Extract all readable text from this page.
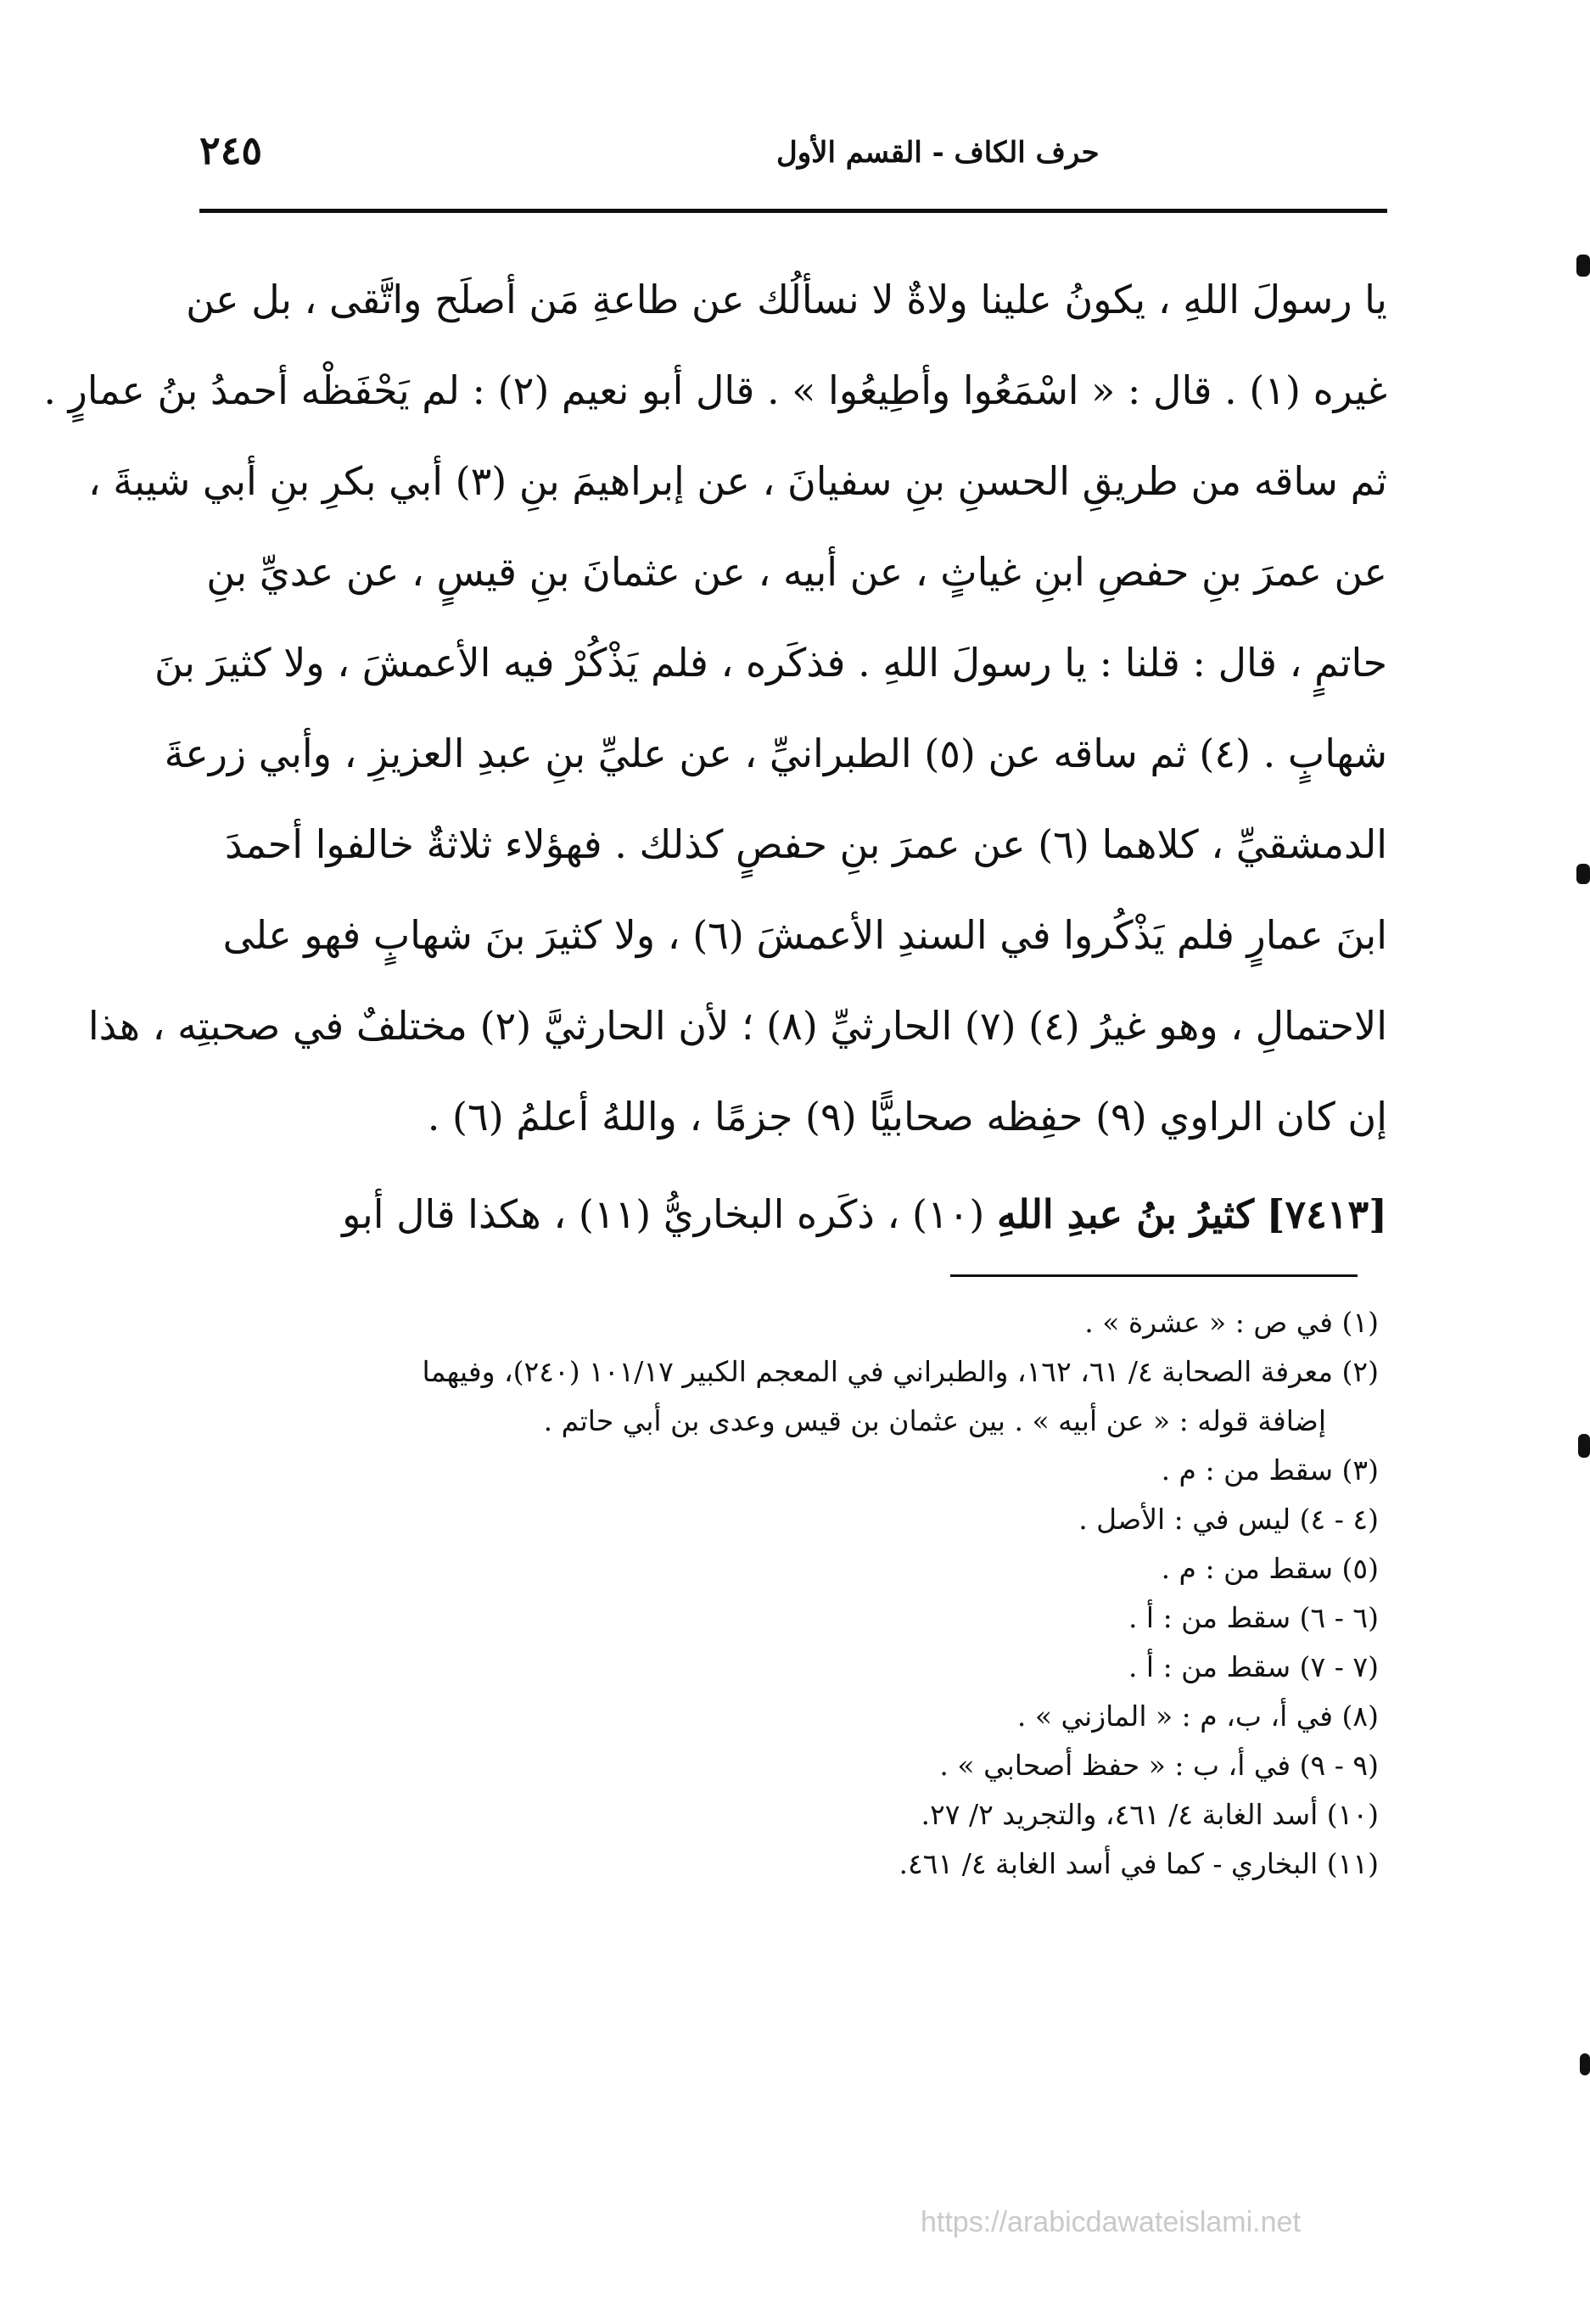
٢٤٥	حرف الكاف - القسم الأول
يا رسولَ اللهِ ، يكونُ علينا ولاةٌ لا نسألُك عن طاعةِ مَن أصلَح واتَّقى ، بل عن
غيره (١) . قال : « اسْمَعُوا وأطِيعُوا » . قال أبو نعيم (٢) : لم يَحْفَظْه أحمدُ بنُ عمارٍ .
ثم ساقه من طريقِ الحسنِ بنِ سفيانَ ، عن إبراهيمَ بنِ (٣) أبي بكرِ بنِ أبي شيبةَ ،
عن عمرَ بنِ حفصِ ابنِ غياثٍ ، عن أبيه ، عن عثمانَ بنِ قيسٍ ، عن عديِّ بنِ
حاتمٍ ، قال : قلنا : يا رسولَ اللهِ . فذكَره ، فلم يَذْكُرْ فيه الأعمشَ ، ولا كثيرَ بنَ
شهابٍ . (٤) ثم ساقه عن (٥) الطبرانيِّ ، عن عليِّ بنِ عبدِ العزيزِ ، وأبي زرعةَ
الدمشقيِّ ، كلاهما (٦) عن عمرَ بنِ حفصٍ كذلك . فهؤلاء ثلاثةٌ خالفوا أحمدَ
ابنَ عمارٍ فلم يَذْكُروا في السندِ الأعمشَ (٦) ، ولا كثيرَ بنَ شهابٍ فهو على
الاحتمالِ ، وهو غيرُ (٤) (٧) الحارثيِّ (٨) ؛ لأن الحارثيَّ (٢) مختلفٌ في صحبتِه ، هذا
إن كان الراوي (٩) حفِظه صحابيًّا (٩) جزمًا ، واللهُ أعلمُ (٦) .
[٧٤١٣] كثيرُ بنُ عبدِ اللهِ (١٠) ، ذكَره البخاريُّ (١١) ، هكذا قال أبو
(١) في ص : « عشرة » .
(٢) معرفة الصحابة ٤/ ٦١، ١٦٢، والطبراني في المعجم الكبير ١٠١/١٧ (٢٤٠)، وفيهما
إضافة قوله : « عن أبيه » . بين عثمان بن قيس وعدى بن أبي حاتم .
(٣) سقط من : م .
(٤ - ٤) ليس في : الأصل .
(٥) سقط من : م .
(٦ - ٦) سقط من : أ .
(٧ - ٧) سقط من : أ .
(٨) في أ، ب، م : « المازني » .
(٩ - ٩) في أ، ب : « حفظ أصحابي » .
(١٠) أسد الغابة ٤/ ٤٦١، والتجريد ٢/ ٢٧.
(١١) البخاري - كما في أسد الغابة ٤/ ٤٦١.
https://arabicdawateislami.net
